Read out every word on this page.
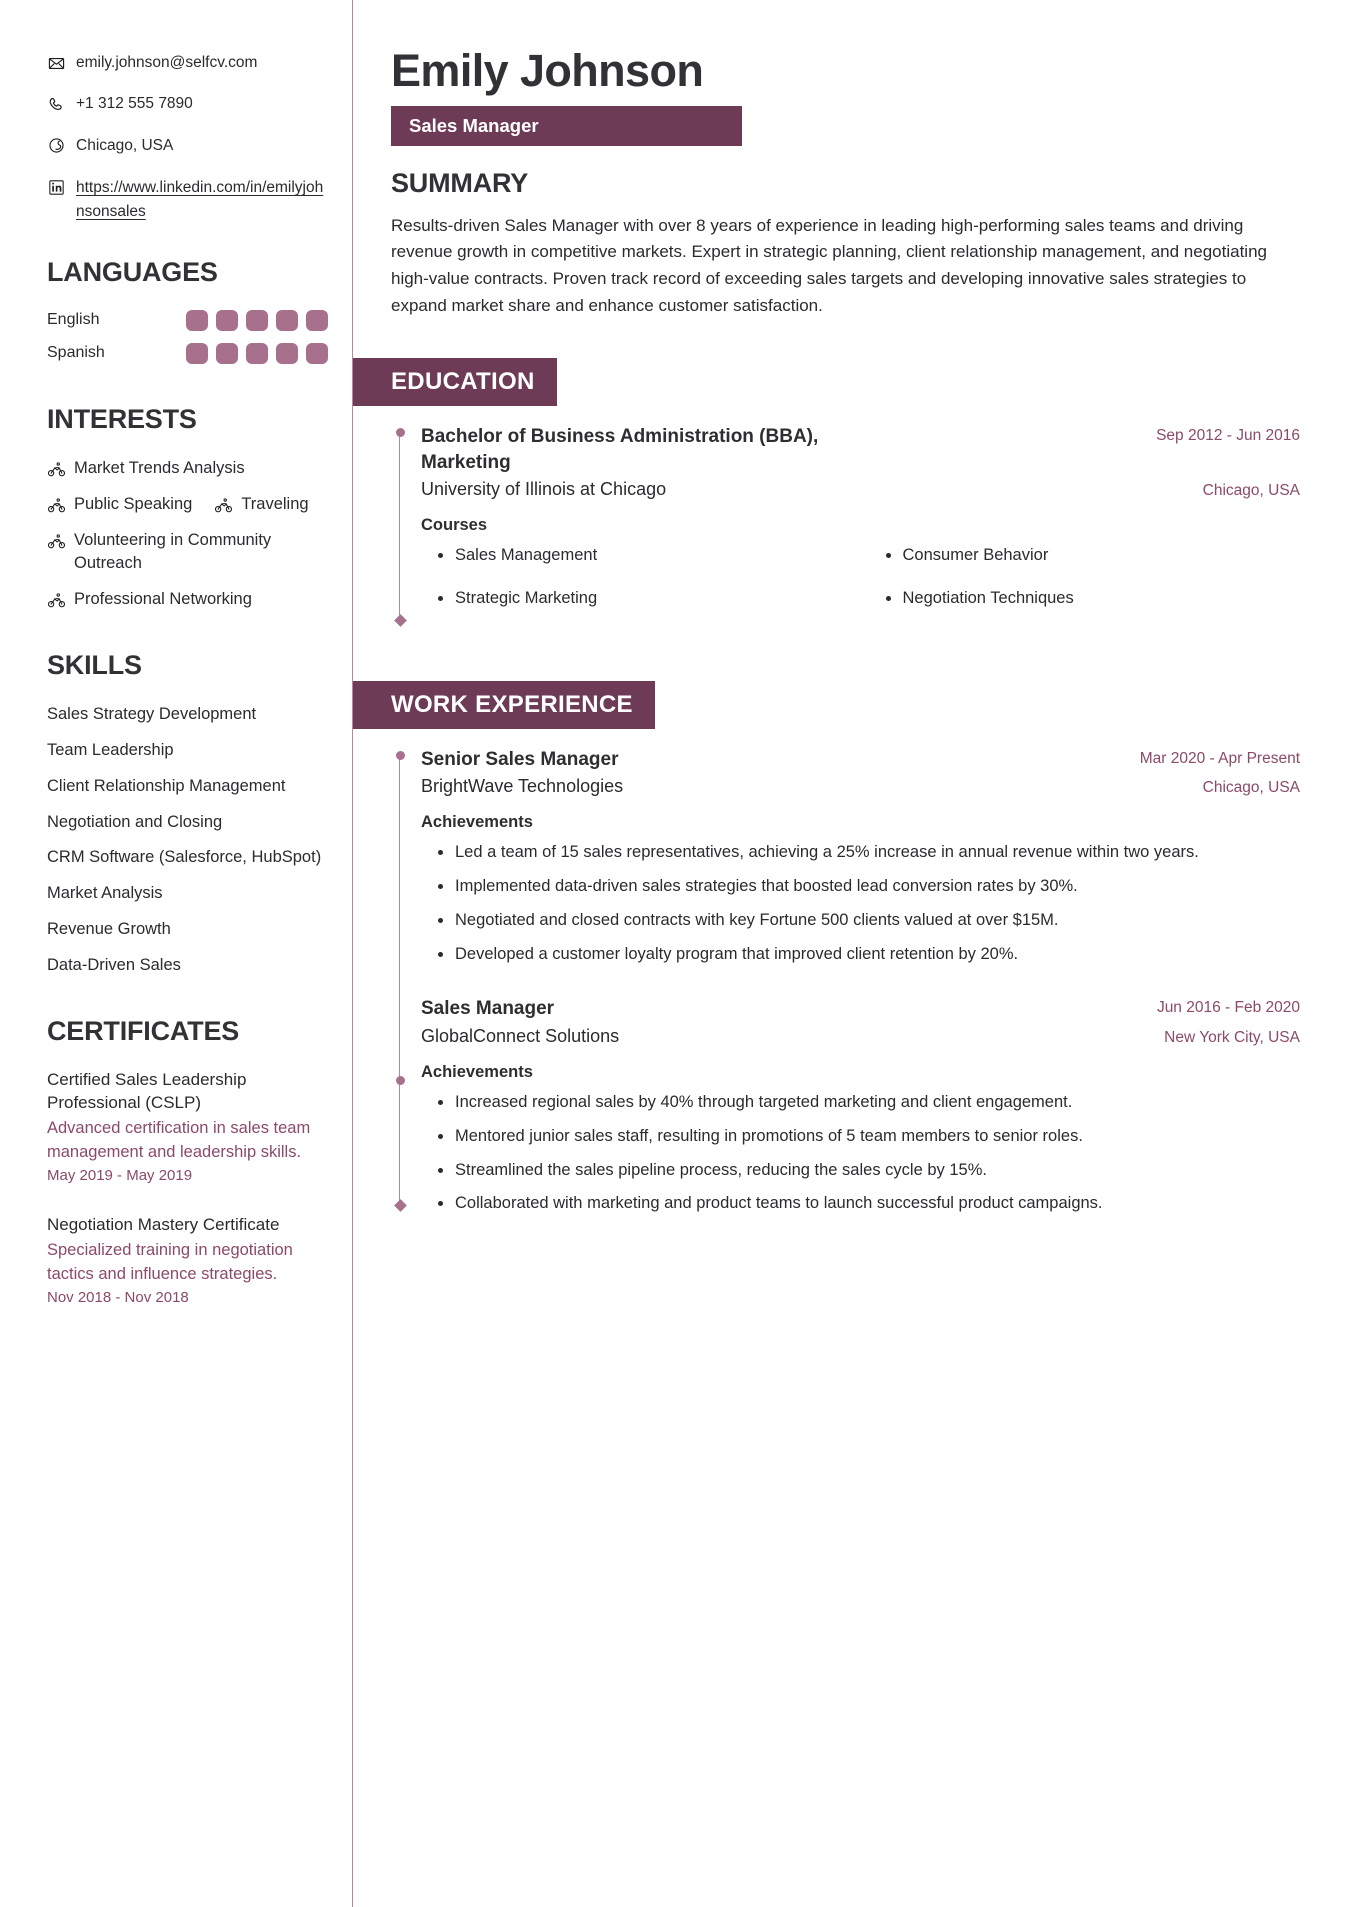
emily.johnson@selfcv.com
+1 312 555 7890
Chicago, USA
https://www.linkedin.com/in/emilyjohnsonsales
LANGUAGES
English
Spanish
INTERESTS
Market Trends Analysis
Public Speaking	Traveling
Volunteering in Community Outreach
Professional Networking
SKILLS
Sales Strategy Development
Team Leadership
Client Relationship Management
Negotiation and Closing
CRM Software (Salesforce, HubSpot)
Market Analysis
Revenue Growth
Data-Driven Sales
CERTIFICATES
Certified Sales Leadership Professional (CSLP)
Advanced certification in sales team management and leadership skills.
May 2019 - May 2019
Negotiation Mastery Certificate
Specialized training in negotiation tactics and influence strategies.
Nov 2018 - Nov 2018
Emily Johnson
Sales Manager
SUMMARY

Results-driven Sales Manager with over 8 years of experience in leading high-performing sales teams and driving revenue growth in competitive markets. Expert in strategic planning, client relationship management, and negotiating high-value contracts. Proven track record of exceeding sales targets and developing innovative sales strategies to expand market share and enhance customer satisfaction.

EDUCATION
Bachelor of Business Administration (BBA), Marketing
Sep 2012 - Jun 2016
University of Illinois at Chicago	Chicago, USA
Courses
Sales Management	Consumer Behavior
Strategic Marketing	Negotiation Techniques
WORK EXPERIENCE
Senior Sales Manager	Mar 2020 - Apr Present
BrightWave Technologies	Chicago, USA
Achievements
Led a team of 15 sales representatives, achieving a 25% increase in annual revenue within two years.
Implemented data-driven sales strategies that boosted lead conversion rates by 30%.
Negotiated and closed contracts with key Fortune 500 clients valued at over $15M.
Developed a customer loyalty program that improved client retention by 20%.
Sales Manager	Jun 2016 - Feb 2020
GlobalConnect Solutions	New York City, USA
Achievements
Increased regional sales by 40% through targeted marketing and client engagement.
Mentored junior sales staff, resulting in promotions of 5 team members to senior roles.
Streamlined the sales pipeline process, reducing the sales cycle by 15%.
Collaborated with marketing and product teams to launch successful product campaigns.
